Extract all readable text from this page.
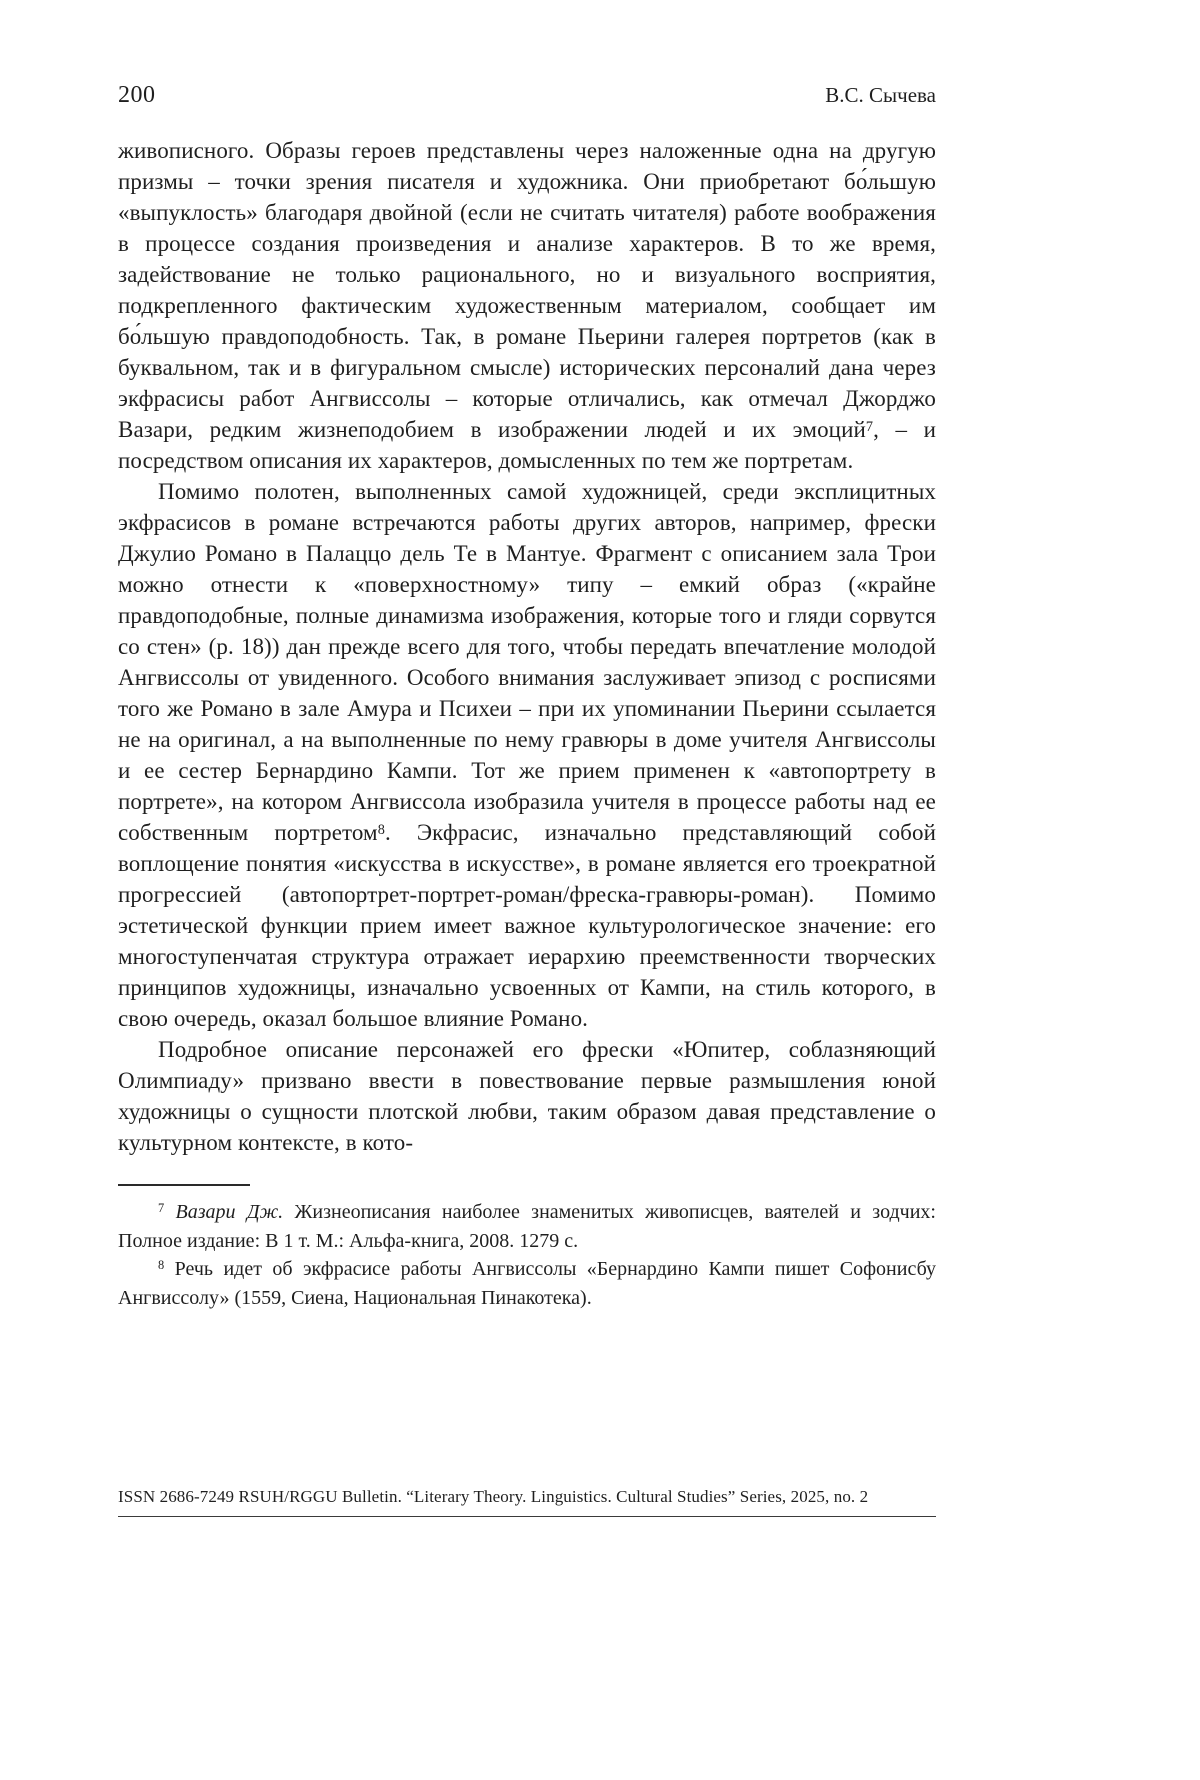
200	В.С. Сычева

живописного. Образы героев представлены через наложенные одна на другую призмы – точки зрения писателя и художника. Они приобретают бо́льшую «выпуклость» благодаря двойной (если не считать читателя) работе воображения в процессе создания произведения и анализе характеров. В то же время, задействование не только рационального, но и визуального восприятия, подкрепленного фактическим художественным материалом, сообщает им бо́льшую правдоподобность. Так, в романе Пьерини галерея портретов (как в буквальном, так и в фигуральном смысле) исторических персоналий дана через экфрасисы работ Ангвиссолы – которые отличались, как отмечал Джорджо Вазари, редким жизнеподобием в изображении людей и их эмоций$^7$, – и посредством описания их характеров, домысленных по тем же портретам.

Помимо полотен, выполненных самой художницей, среди эксплицитных экфрасисов в романе встречаются работы других авторов, например, фрески Джулио Романо в Палаццо дель Те в Мантуе. Фрагмент с описанием зала Трои можно отнести к «поверхностному» типу – емкий образ («крайне правдоподобные, полные динамизма изображения, которые того и гляди сорвутся со стен» (p. 18)) дан прежде всего для того, чтобы передать впечатление молодой Ангвиссолы от увиденного. Особого внимания заслуживает эпизод с росписями того же Романо в зале Амура и Психеи – при их упоминании Пьерини ссылается не на оригинал, а на выполненные по нему гравюры в доме учителя Ангвиссолы и ее сестер Бернардино Кампи. Тот же прием применен к «автопортрету в портрете», на котором Ангвиссола изобразила учителя в процессе работы над ее собственным портретом$^8$. Экфрасис, изначально представляющий собой воплощение понятия «искусства в искусстве», в романе является его троекратной прогрессией (автопортрет-портрет-роман/фреска-гравюры-роман). Помимо эстетической функции прием имеет важное культурологическое значение: его многоступенчатая структура отражает иерархию преемственности творческих принципов художницы, изначально усвоенных от Кампи, на стиль которого, в свою очередь, оказал большое влияние Романо.

Подробное описание персонажей его фрески «Юпитер, соблазняющий Олимпиаду» призвано ввести в повествование первые размышления юной художницы о сущности плотской любви, таким образом давая представление о культурном контексте, в кото-

$^7$ Вазари Дж. Жизнеописания наиболее знаменитых живописцев, ваятелей и зодчих: Полное издание: В 1 т. М.: Альфа-книга, 2008. 1279 с.

$^8$ Речь идет об экфрасисе работы Ангвиссолы «Бернардино Кампи пишет Софонисбу Ангвиссолу» (1559, Сиена, Национальная Пинакотека).

ISSN 2686-7249 RSUH/RGGU Bulletin. “Literary Theory. Linguistics. Cultural Studies” Series, 2025, no. 2
